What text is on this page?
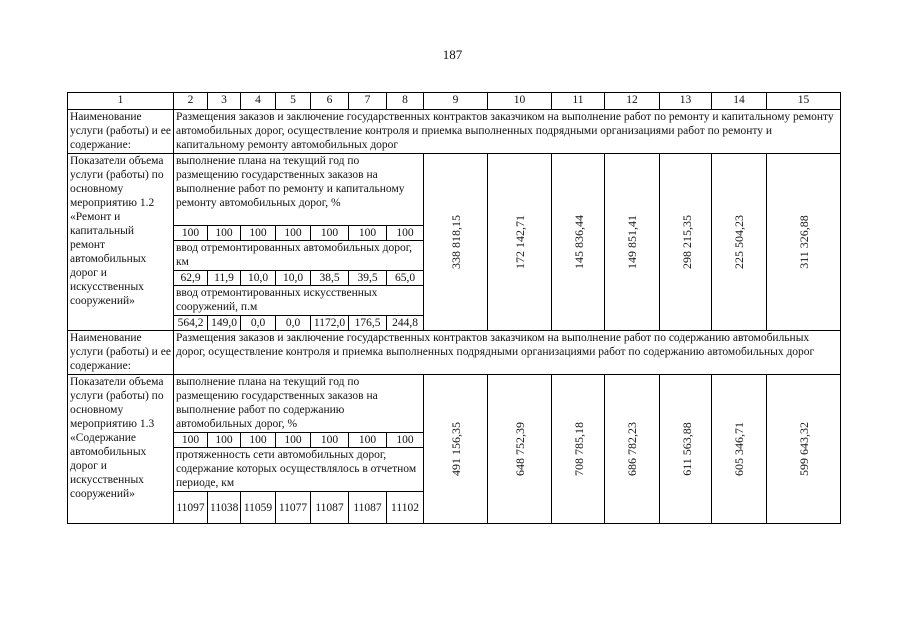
187
1	2	3	4	5	6	7	8	9	10	11	12	13	14	15
Наименование услуги (работы) и ее содержание:	Размещения заказов и заключение государственных контрактов заказчиком на выполнение работ по ремонту и капитальному ремонту автомобильных дорог, осуществление контроля и приемка выполненных подрядными организациями работ по ремонту и капитальному ремонту автомобильных дорог													
Показатели объема услуги (работы) по основному мероприятию 1.2 «Ремонт и капитальный ремонт автомобильных дорог и искусственных сооружений»	выполнение плана на текущий год по размещению государственных заказов на выполнение работ по ремонту и капитальному ремонту автомобильных дорог, %							338 818,15	172 142,71	145 836,44	149 851,41	298 215,35	225 504,23	311 326,88
	100	100	100	100	100	100	100							
	ввод отремонтированных автомобильных дорог, км													
	62,9	11,9	10,0	10,0	38,5	39,5	65,0							
	ввод отремонтированных искусственных сооружений, п.м													
	564,2	149,0	0,0	0,0	1172,0	176,5	244,8							
Наименование услуги (работы) и ее содержание:	Размещения заказов и заключение государственных контрактов заказчиком на выполнение работ по содержанию автомобильных дорог, осуществление контроля и приемка выполненных подрядными организациями работ по содержанию автомобильных дорог													
Показатели объема услуги (работы) по основному мероприятию 1.3 «Содержание автомобильных дорог и искусственных сооружений»	выполнение плана на текущий год по размещению государственных заказов на выполнение работ по содержанию автомобильных дорог, %							491 156,35	648 752,39	708 785,18	686 782,23	611 563,88	605 346,71	599 643,32
	100	100	100	100	100	100	100							
	протяженность сети автомобильных дорог, содержание которых осуществлялось в отчетном периоде, км													
	11097	11038	11059	11077	11087	11087	11102							
